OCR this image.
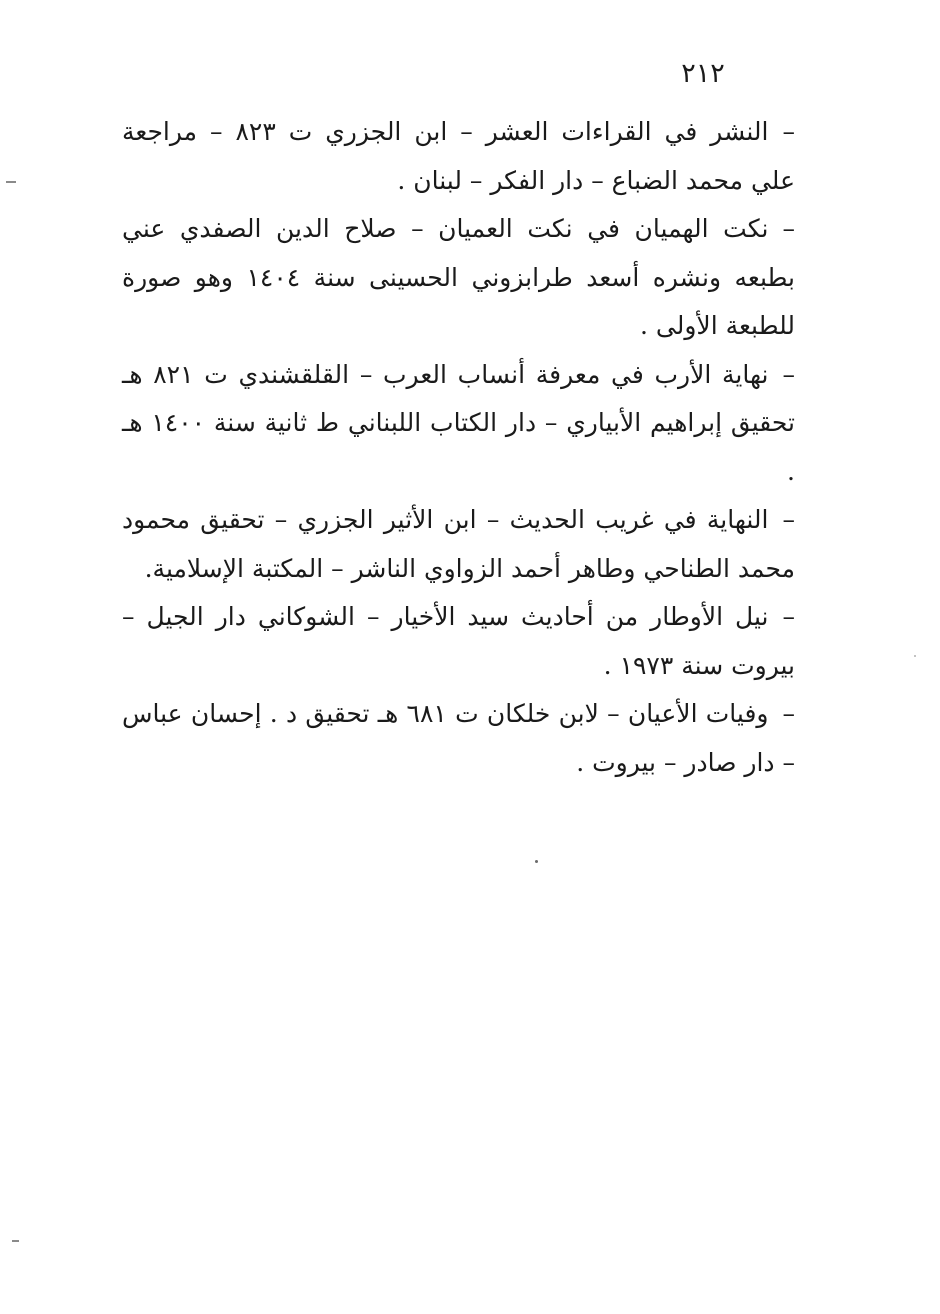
٢١٢

–النشر في القراءات العشر – ابن الجزري ت ٨٢٣ – مراجعة علي محمد الضباع – دار الفكر – لبنان .

–نكت الهميان في نكت العميان – صلاح الدين الصفدي عني بطبعه ونشره أسعد طرابزوني الحسينى سنة ١٤٠٤ وهو صورة للطبعة الأولى .

–نهاية الأرب في معرفة أنساب العرب – القلقشندي ت ٨٢١ هـ تحقيق إبراهيم الأبياري – دار الكتاب اللبناني ط ثانية سنة ١٤٠٠ هـ .

–النهاية في غريب الحديث – ابن الأثير الجزري – تحقيق محمود محمد الطناحي وطاهر أحمد الزواوي الناشر – المكتبة الإسلامية.

–نيل الأوطار من أحاديث سيد الأخيار – الشوكاني دار الجيل – بيروت سنة ١٩٧٣ .

–وفيات الأعيان – لابن خلكان ت ٦٨١ هـ تحقيق د . إحسان عباس – دار صادر – بيروت .
